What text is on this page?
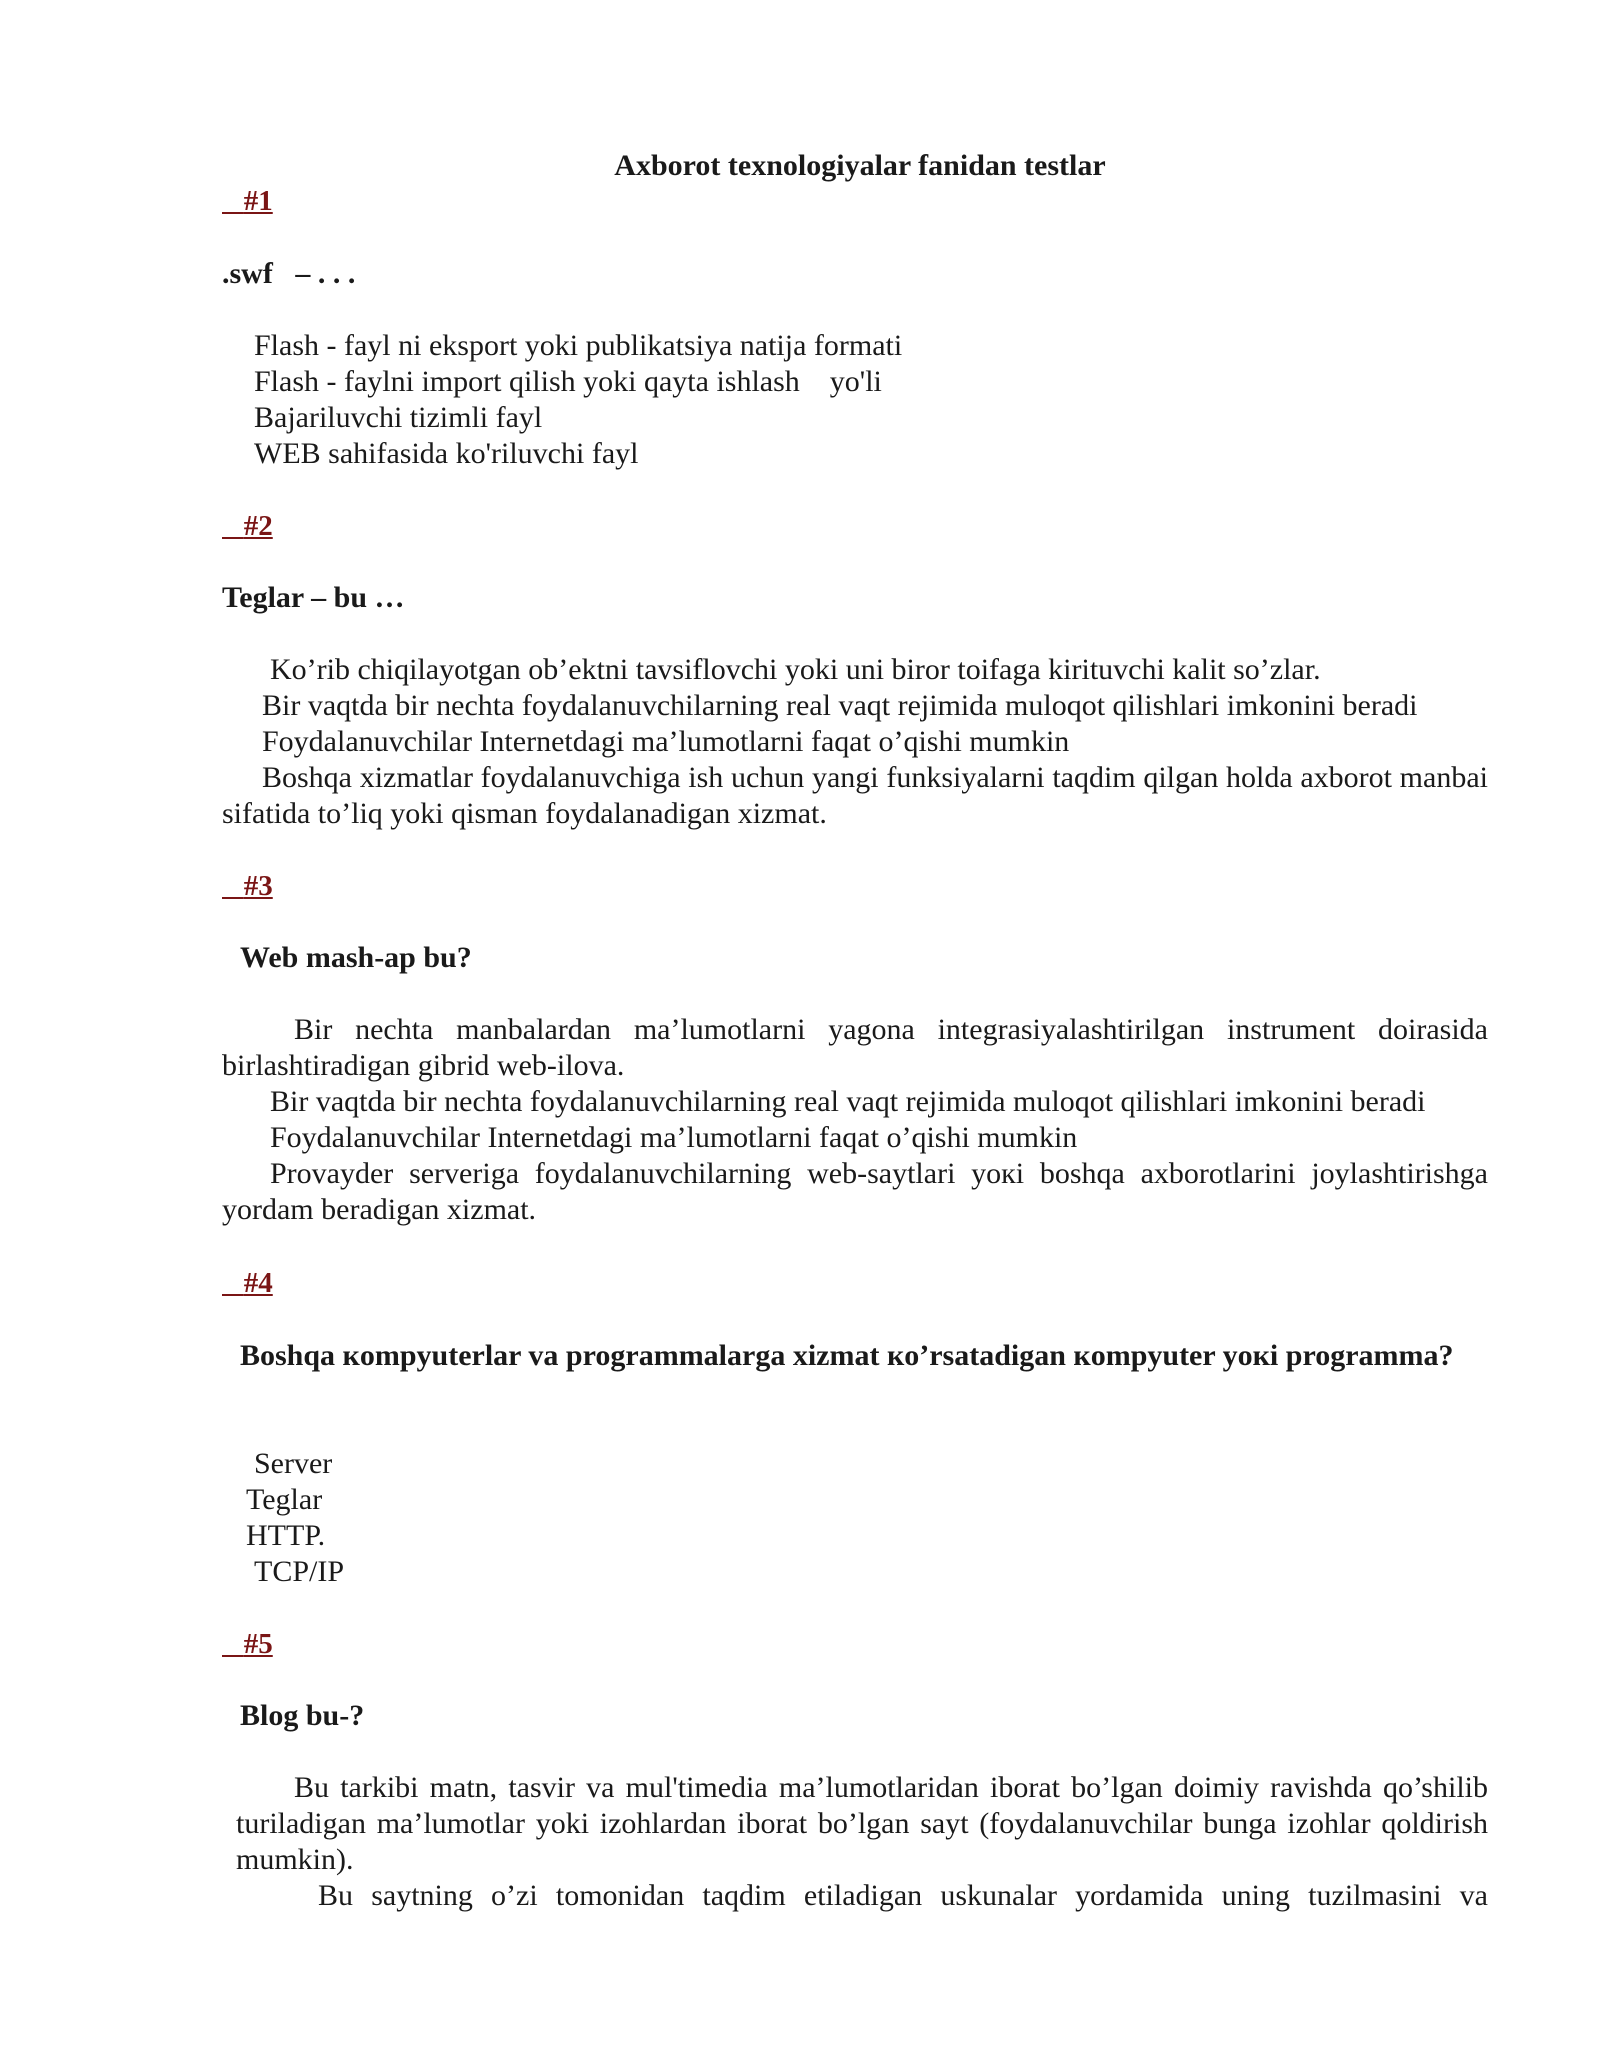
Axborot texnologiyalar fanidan testlar
#1
.swf   – . . .
Flash - fayl ni eksport yoki publikatsiya natija formati
Flash - faylni import qilish yoki qayta ishlash    yo'li
Bajariluvchi tizimli fayl
WEB sahifasida ko'riluvchi fayl
#2
Teglar – bu …
Ko’rib chiqilayotgan ob’ektni tavsiflovchi yoki uni biror toifaga kirituvchi kalit so’zlar.
Bir vaqtda bir nechta foydalanuvchilarning real vaqt rejimida muloqot qilishlari imkonini beradi
Foydalanuvchilar Internetdagi ma’lumotlarni faqat o’qishi mumkin
Boshqa xizmatlar foydalanuvchiga ish uchun yangi funksiyalarni taqdim qilgan holda axborot manbai sifatida to’liq yoki qisman foydalanadigan xizmat.
#3
Web mash-ap bu?
Bir nechta manbalardan ma’lumotlarni yagona integrasiyalashtirilgan instrument doirasida birlashtiradigan gibrid web-ilova.
Bir vaqtda bir nechta foydalanuvchilarning real vaqt rejimida muloqot qilishlari imkonini beradi
Foydalanuvchilar Internetdagi ma’lumotlarni faqat o’qishi mumkin
Provayder serveriga foydalanuvchilarning web-saytlari yoкi boshqa axborotlarini joylashtirishga yordam beradigan xizmat.
#4
Boshqa кompyuterlar va programmalarga xizmat кo’rsatadigan кompyuter yoкi programma?
Server
Teglar
HTTP.
TCP/IP
#5
Blog bu-?
Bu tarkibi matn, tasvir va mul'timedia ma’lumotlaridan iborat bo’lgan doimiy ravishda qo’shilib turiladigan ma’lumotlar yoki izohlardan iborat bo’lgan sayt (foydalanuvchilar bunga izohlar qoldirish mumkin).
Bu saytning o’zi tomonidan taqdim etiladigan uskunalar yordamida uning tuzilmasini va
